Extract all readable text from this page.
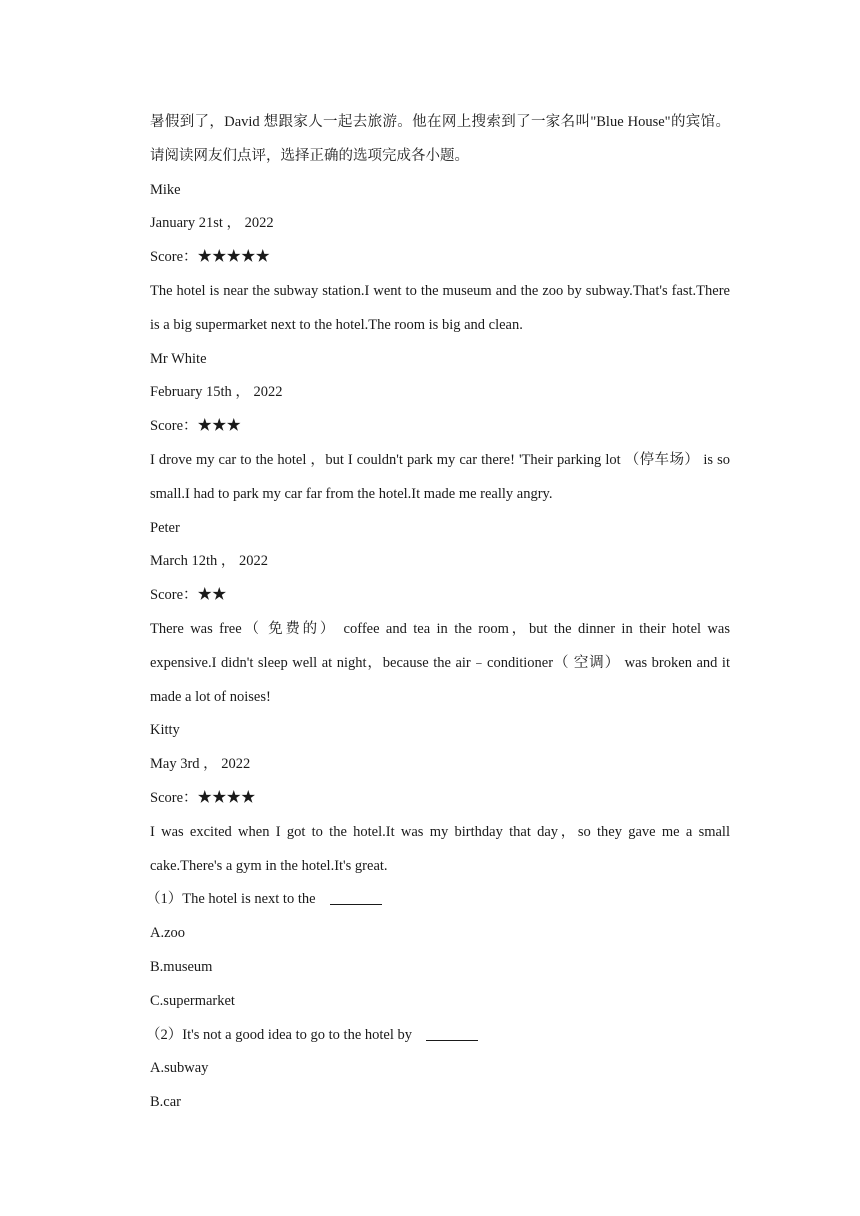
暑假到了，David 想跟家人一起去旅游。他在网上搜索到了一家名叫"Blue House"的宾馆。请阅读网友们点评，选择正确的选项完成各小题。

Mike

January 21st ， 2022

Score：★★★★★

The hotel is near the subway station.I went to the museum and the zoo by subway.That's fast.There is a big supermarket next to the hotel.The room is big and clean.

Mr White

February 15th ， 2022

Score：★★★

I drove my car to the hotel ，but I couldn't park my car there! 'Their parking lot （停车场） is so small.I had to park my car far from the hotel.It made me really angry.

Peter

March 12th ， 2022

Score：★★

There was free（ 免费的） coffee and tea in the room，but the dinner in their hotel was expensive.I didn't sleep well at night，because the air﹣conditioner（ 空调） was broken and it made a lot of noises!

Kitty

May 3rd ， 2022

Score：★★★★

I was excited when I got to the hotel.It was my birthday that day，so they gave me a small cake.There's a gym in the hotel.It's great.

（1）The hotel is next to the

A.zoo

B.museum

C.supermarket

（2）It's not a good idea to go to the hotel by

A.subway

B.car
